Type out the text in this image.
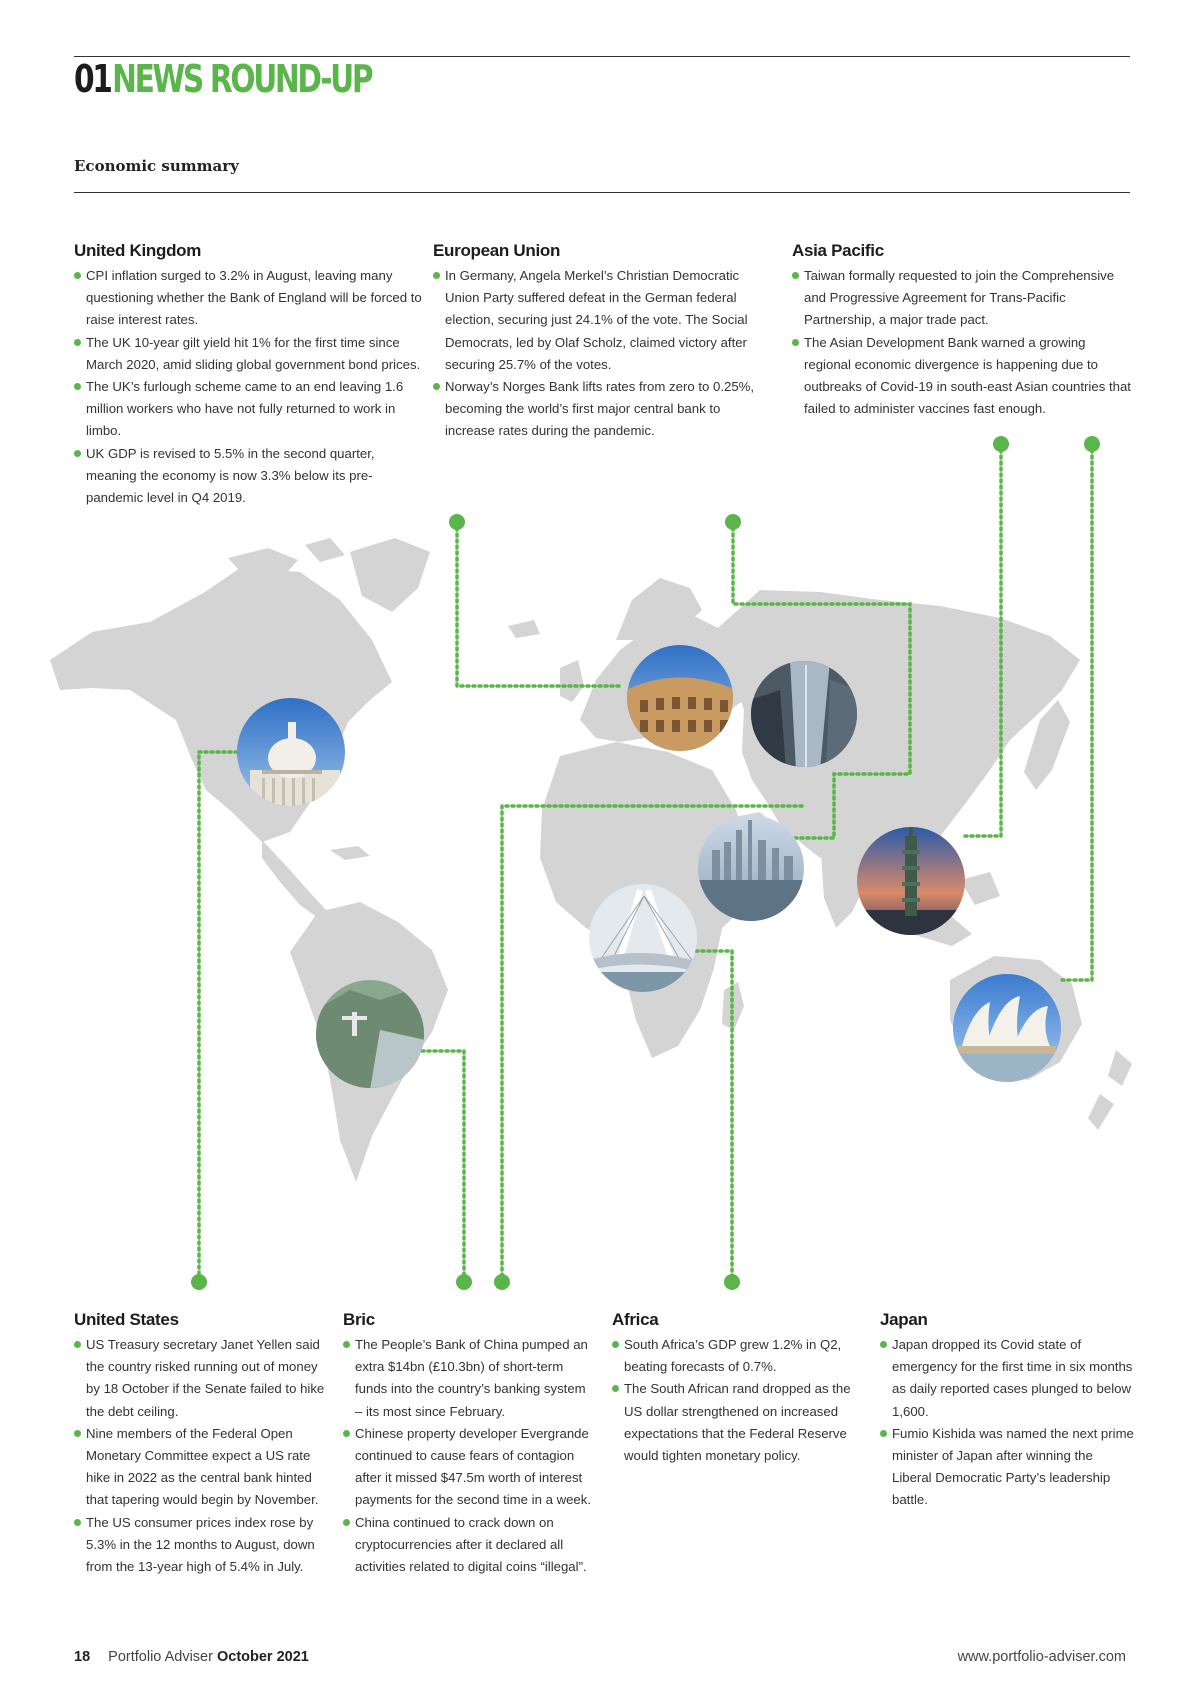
01NEWS ROUND-UP
Economic summary
United Kingdom
CPI inflation surged to 3.2% in August, leaving many questioning whether the Bank of England will be forced to raise interest rates.
The UK 10-year gilt yield hit 1% for the first time since March 2020, amid sliding global government bond prices.
The UK’s furlough scheme came to an end leaving 1.6 million workers who have not fully returned to work in limbo.
UK GDP is revised to 5.5% in the second quarter, meaning the economy is now 3.3% below its pre-pandemic level in Q4 2019.
European Union
In Germany, Angela Merkel’s Christian Democratic Union Party suffered defeat in the German federal election, securing just 24.1% of the vote. The Social Democrats, led by Olaf Scholz, claimed victory after securing 25.7% of the votes.
Norway’s Norges Bank lifts rates from zero to 0.25%, becoming the world’s first major central bank to increase rates during the pandemic.
Asia Pacific
Taiwan formally requested to join the Comprehensive and Progressive Agreement for Trans-Pacific Partnership, a major trade pact.
The Asian Development Bank warned a growing regional economic divergence is happening due to outbreaks of Covid-19 in south-east Asian countries that failed to administer vaccines fast enough.
United States
US Treasury secretary Janet Yellen said the country risked running out of money by 18 October if the Senate failed to hike the debt ceiling.
Nine members of the Federal Open Monetary Committee expect a US rate hike in 2022 as the central bank hinted that tapering would begin by November.
The US consumer prices index rose by 5.3% in the 12 months to August, down from the 13-year high of 5.4% in July.
Bric
The People’s Bank of China pumped an extra $14bn (£10.3bn) of short-term funds into the country’s banking system – its most since February.
Chinese property developer Evergrande continued to cause fears of contagion after it missed $47.5m worth of interest payments for the second time in a week.
China continued to crack down on cryptocurrencies after it declared all activities related to digital coins “illegal”.
Africa
South Africa’s GDP grew 1.2% in Q2, beating forecasts of 0.7%.
The South African rand dropped as the US dollar strengthened on increased expectations that the Federal Reserve would tighten monetary policy.
Japan
Japan dropped its Covid state of emergency for the first time in six months as daily reported cases plunged to below 1,600.
Fumio Kishida was named the next prime minister of Japan after winning the Liberal Democratic Party’s leadership battle.
18 Portfolio Adviser October 2021	www.portfolio-adviser.com
